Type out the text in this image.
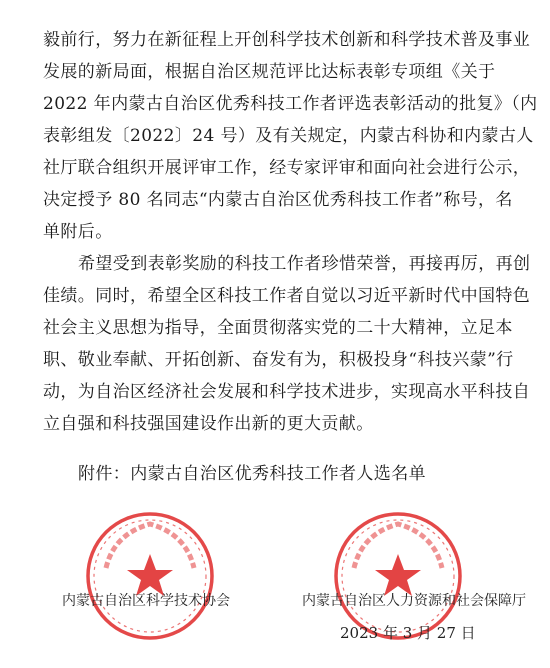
毅前行，努力在新征程上开创科学技术创新和科学技术普及事业
发展的新局面，根据自治区规范评比达标表彰专项组《关于
2022 年内蒙古自治区优秀科技工作者评选表彰活动的批复》（内
表彰组发〔2022〕24 号）及有关规定，内蒙古科协和内蒙古人
社厅联合组织开展评审工作，经专家评审和面向社会进行公示，
决定授予 80 名同志“内蒙古自治区优秀科技工作者”称号，名
单附后。
希望受到表彰奖励的科技工作者珍惜荣誉，再接再厉，再创
佳绩。同时，希望全区科技工作者自觉以习近平新时代中国特色
社会主义思想为指导，全面贯彻落实党的二十大精神，立足本
职、敬业奉献、开拓创新、奋发有为，积极投身“科技兴蒙”行
动，为自治区经济社会发展和科学技术进步，实现高水平科技自
立自强和科技强国建设作出新的更大贡献。
附件：内蒙古自治区优秀科技工作者人选名单
内蒙古自治区科学技术协会	内蒙古自治区人力资源和社会保障厅
2023 年 3 月 27 日
